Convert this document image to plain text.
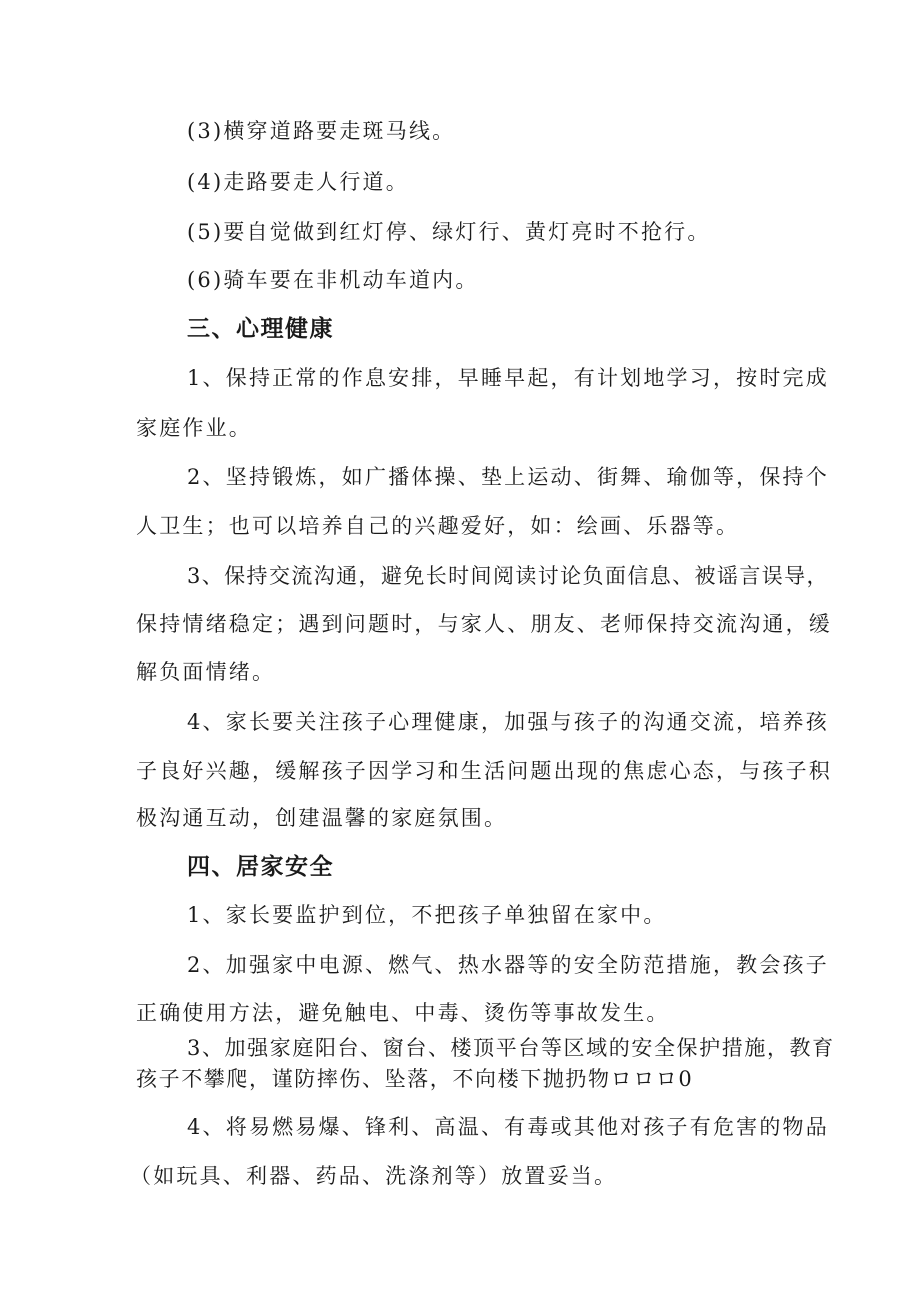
(3)横穿道路要走斑马线。
(4)走路要走人行道。
(5)要自觉做到红灯停、绿灯行、黄灯亮时不抢行。
(6)骑车要在非机动车道内。
三、心理健康
1、保持正常的作息安排，早睡早起，有计划地学习，按时完成
家庭作业。
2、坚持锻炼，如广播体操、垫上运动、街舞、瑜伽等，保持个
人卫生；也可以培养自己的兴趣爱好，如：绘画、乐器等。
3、保持交流沟通，避免长时间阅读讨论负面信息、被谣言误导，
保持情绪稳定；遇到问题时，与家人、朋友、老师保持交流沟通，缓
解负面情绪。
4、家长要关注孩子心理健康，加强与孩子的沟通交流，培养孩
子良好兴趣，缓解孩子因学习和生活问题出现的焦虑心态，与孩子积
极沟通互动，创建温馨的家庭氛围。
四、居家安全
1、家长要监护到位，不把孩子单独留在家中。
2、加强家中电源、燃气、热水器等的安全防范措施，教会孩子
正确使用方法，避免触电、中毒、烫伤等事故发生。
3、加强家庭阳台、窗台、楼顶平台等区域的安全保护措施，教育
孩子不攀爬，谨防摔伤、坠落，不向楼下抛扔物ロロロ0
4、将易燃易爆、锋利、高温、有毒或其他对孩子有危害的物品
（如玩具、利器、药品、洗涤剂等）放置妥当。
